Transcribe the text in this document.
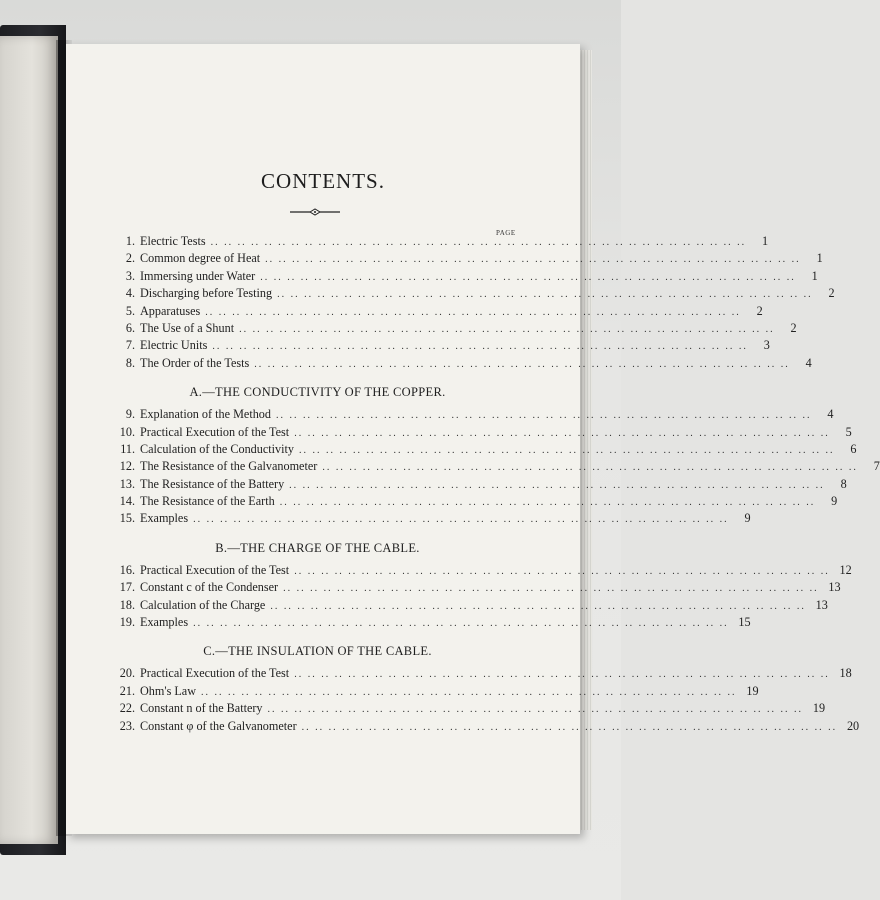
CONTENTS.
PAGE
1. Electric Tests .. .. .. .. .. .. .. .. .. .. .. .. .. .. .. .. .. .. .. .. .. .. .. .. .. .. .. .. .. .. .. .. .. .. .. .. .. .. .. ..	1
2. Common degree of Heat .. .. .. .. .. .. .. .. .. .. .. .. .. .. .. .. .. .. .. .. .. .. .. .. .. .. .. .. .. .. .. .. .. .. .. .. .. .. .. ..	1
3. Immersing under Water .. .. .. .. .. .. .. .. .. .. .. .. .. .. .. .. .. .. .. .. .. .. .. .. .. .. .. .. .. .. .. .. .. .. .. .. .. .. .. ..	1
4. Discharging before Testing .. .. .. .. .. .. .. .. .. .. .. .. .. .. .. .. .. .. .. .. .. .. .. .. .. .. .. .. .. .. .. .. .. .. .. .. .. .. .. ..	2
5. Apparatuses .. .. .. .. .. .. .. .. .. .. .. .. .. .. .. .. .. .. .. .. .. .. .. .. .. .. .. .. .. .. .. .. .. .. .. .. .. .. .. ..	2
6. The Use of a Shunt .. .. .. .. .. .. .. .. .. .. .. .. .. .. .. .. .. .. .. .. .. .. .. .. .. .. .. .. .. .. .. .. .. .. .. .. .. .. .. ..	2
7. Electric Units .. .. .. .. .. .. .. .. .. .. .. .. .. .. .. .. .. .. .. .. .. .. .. .. .. .. .. .. .. .. .. .. .. .. .. .. .. .. .. ..	3
8. The Order of the Tests .. .. .. .. .. .. .. .. .. .. .. .. .. .. .. .. .. .. .. .. .. .. .. .. .. .. .. .. .. .. .. .. .. .. .. .. .. .. .. ..	4
A.—THE CONDUCTIVITY OF THE COPPER.
9. Explanation of the Method .. .. .. .. .. .. .. .. .. .. .. .. .. .. .. .. .. .. .. .. .. .. .. .. .. .. .. .. .. .. .. .. .. .. .. .. .. .. .. ..	4
10. Practical Execution of the Test .. .. .. .. .. .. .. .. .. .. .. .. .. .. .. .. .. .. .. .. .. .. .. .. .. .. .. .. .. .. .. .. .. .. .. .. .. .. .. ..	5
11. Calculation of the Conductivity .. .. .. .. .. .. .. .. .. .. .. .. .. .. .. .. .. .. .. .. .. .. .. .. .. .. .. .. .. .. .. .. .. .. .. .. .. .. .. ..	6
12. The Resistance of the Galvanometer .. .. .. .. .. .. .. .. .. .. .. .. .. .. .. .. .. .. .. .. .. .. .. .. .. .. .. .. .. .. .. .. .. .. .. .. .. .. .. ..	7
13. The Resistance of the Battery .. .. .. .. .. .. .. .. .. .. .. .. .. .. .. .. .. .. .. .. .. .. .. .. .. .. .. .. .. .. .. .. .. .. .. .. .. .. .. ..	8
14. The Resistance of the Earth .. .. .. .. .. .. .. .. .. .. .. .. .. .. .. .. .. .. .. .. .. .. .. .. .. .. .. .. .. .. .. .. .. .. .. .. .. .. .. ..	9
15. Examples .. .. .. .. .. .. .. .. .. .. .. .. .. .. .. .. .. .. .. .. .. .. .. .. .. .. .. .. .. .. .. .. .. .. .. .. .. .. .. ..	9
B.—THE CHARGE OF THE CABLE.
16. Practical Execution of the Test .. .. .. .. .. .. .. .. .. .. .. .. .. .. .. .. .. .. .. .. .. .. .. .. .. .. .. .. .. .. .. .. .. .. .. .. .. .. .. .. 12
17. Constant c of the Condenser .. .. .. .. .. .. .. .. .. .. .. .. .. .. .. .. .. .. .. .. .. .. .. .. .. .. .. .. .. .. .. .. .. .. .. .. .. .. .. .. 13
18. Calculation of the Charge .. .. .. .. .. .. .. .. .. .. .. .. .. .. .. .. .. .. .. .. .. .. .. .. .. .. .. .. .. .. .. .. .. .. .. .. .. .. .. .. 13
19. Examples .. .. .. .. .. .. .. .. .. .. .. .. .. .. .. .. .. .. .. .. .. .. .. .. .. .. .. .. .. .. .. .. .. .. .. .. .. .. .. .. 15
C.—THE INSULATION OF THE CABLE.
20. Practical Execution of the Test .. .. .. .. .. .. .. .. .. .. .. .. .. .. .. .. .. .. .. .. .. .. .. .. .. .. .. .. .. .. .. .. .. .. .. .. .. .. .. .. 18
21. Ohm's Law .. .. .. .. .. .. .. .. .. .. .. .. .. .. .. .. .. .. .. .. .. .. .. .. .. .. .. .. .. .. .. .. .. .. .. .. .. .. .. .. 19
22. Constant n of the Battery .. .. .. .. .. .. .. .. .. .. .. .. .. .. .. .. .. .. .. .. .. .. .. .. .. .. .. .. .. .. .. .. .. .. .. .. .. .. .. .. 19
23. Constant φ of the Galvanometer .. .. .. .. .. .. .. .. .. .. .. .. .. .. .. .. .. .. .. .. .. .. .. .. .. .. .. .. .. .. .. .. .. .. .. .. .. .. .. .. 20
